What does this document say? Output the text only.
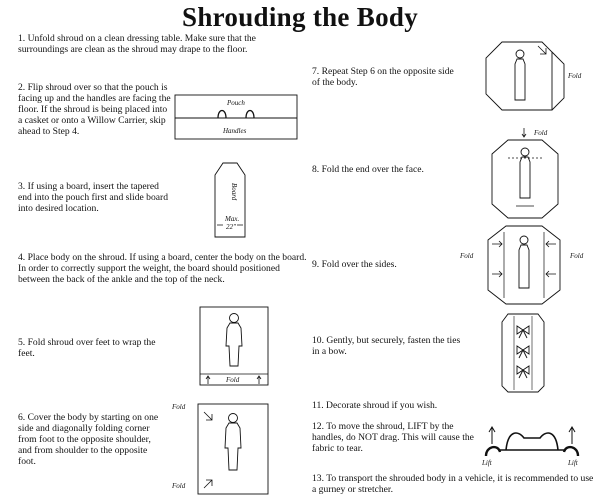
Shrouding the Body

1. Unfold shroud on a clean dressing table. Make sure that the surroundings are clean as the shroud may drape to the floor.

2. Flip shroud over so that the pouch is facing up and the handles are facing the floor. If the shroud is being placed into a casket or onto a Willow Carrier, skip ahead to Step 4.

3. If using a board, insert the tapered end into the pouch first and slide board into desired location.

4. Place body on the shroud. If using a board, center the body on the board. In order to correctly support the weight, the board should positioned between the back of the ankle and the top of the neck.

5. Fold shroud over feet to wrap the feet.

6. Cover the body by starting on one side and diagonally folding corner from foot to the opposite shoulder, and from shoulder to the opposite foot.

7. Repeat Step 6 on the opposite side of the body.

8. Fold the end over the face.

9. Fold over the sides.

10. Gently, but securely, fasten the ties in a bow.

11. Decorate shroud if you wish.

12. To move the shroud, LIFT by the handles, do NOT drag. This will cause the fabric to tear.

13. To transport the shrouded body in a vehicle, it is recommended to use a gurney or stretcher.

Pouch
Handles
Board
Max.
22"
Fold
Fold
Fold
Fold
Fold
Fold	Fold
Lift	Lift
